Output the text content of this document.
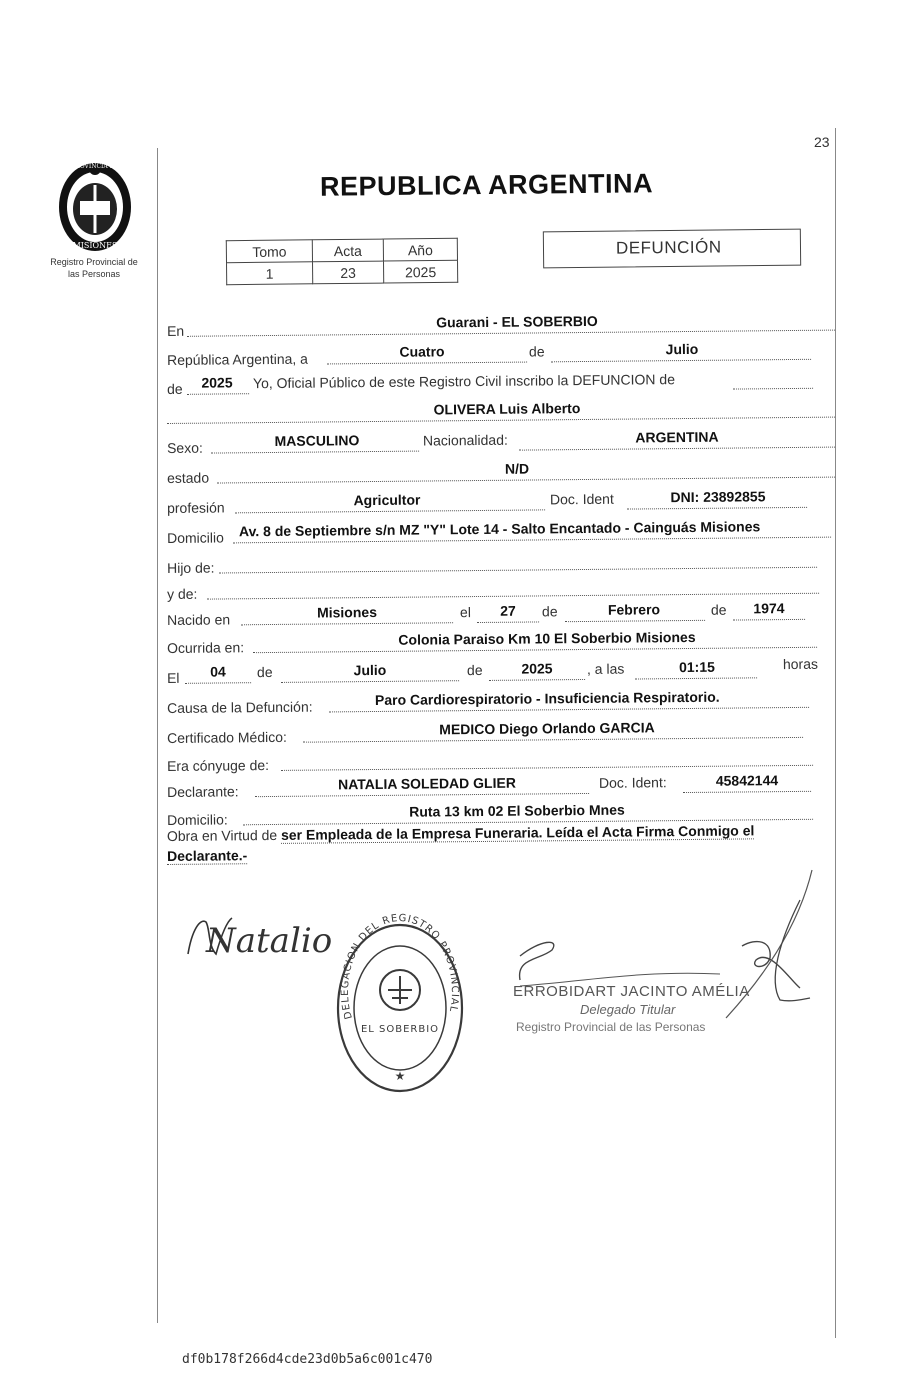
23
PROVINCIA DE
MISIONES
Registro Provincial de
las Personas
REPUBLICA ARGENTINA
Tomo	Acta	Año
1	23	2025
DEFUNCIÓN
En
Guarani - EL SOBERBIO
República Argentina, a	Cuatro	de	Julio
de	2025	Yo, Oficial Público de este Registro Civil inscribo la DEFUNCION de
OLIVERA Luis Alberto
Sexo:	MASCULINO	Nacionalidad:	ARGENTINA
estado
N/D
profesión	Agricultor	Doc. Ident	DNI: 23892855
Domicilio Av. 8 de Septiembre s/n MZ "Y" Lote 14 - Salto Encantado - Cainguás Misiones
Hijo de:
y de:
Nacido en	Misiones	el	27	de	Febrero	de	1974
Ocurrida en:	Colonia Paraiso Km 10 El Soberbio Misiones
El	04	de	Julio	de	2025	, a las	01:15	horas
Causa de la Defunción:	Paro Cardiorespiratorio - Insuficiencia Respiratorio.
Certificado Médico:
MEDICO Diego Orlando GARCIA
Era cónyuge de:
Declarante:	NATALIA SOLEDAD GLIER	Doc. Ident:	45842144
Domicilio:
Ruta 13 km 02 El Soberbio Mnes
Obra en Virtud de ser Empleada de la Empresa Funeraria. Leída el Acta Firma Conmigo el
Declarante.-
Natalio
DELEGACION DEL REGISTRO PROVINCIAL
EL SOBERBIO
★
ERROBIDART JACINTO AMÉLIA
Delegado Titular
Registro Provincial de las Personas
df0b178f266d4cde23d0b5a6c001c470
